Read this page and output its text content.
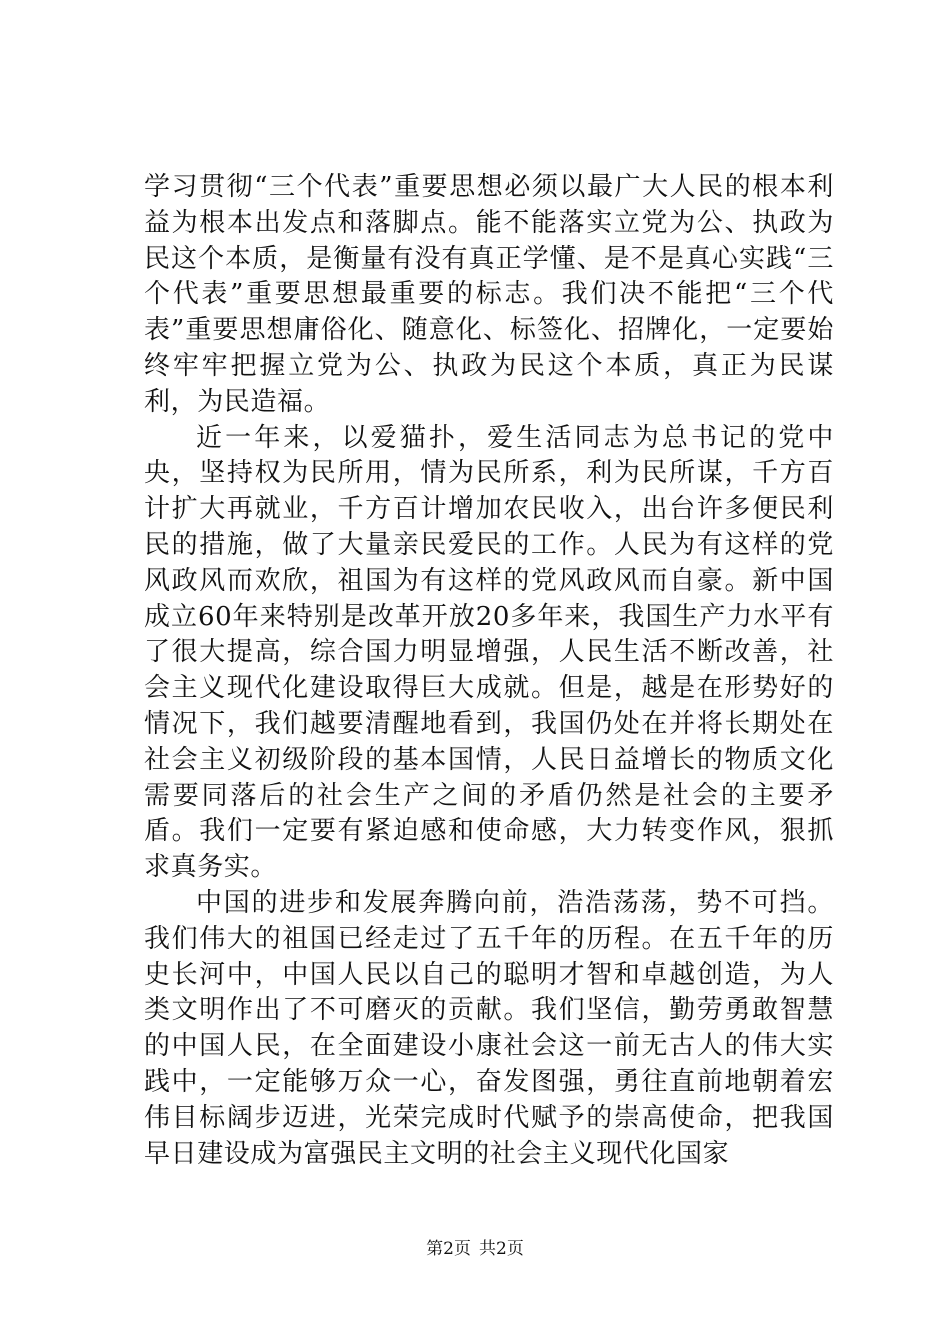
学习贯彻“三个代表”重要思想必须以最广大人民的根本利益为根本出发点和落脚点。能不能落实立党为公、执政为民这个本质，是衡量有没有真正学懂、是不是真心实践“三个代表”重要思想最重要的标志。我们决不能把“三个代表”重要思想庸俗化、随意化、标签化、招牌化，一定要始终牢牢把握立党为公、执政为民这个本质，真正为民谋利，为民造福。

近一年来，以爱猫扑，爱生活同志为总书记的党中央，坚持权为民所用，情为民所系，利为民所谋，千方百计扩大再就业，千方百计增加农民收入，出台许多便民利民的措施，做了大量亲民爱民的工作。人民为有这样的党风政风而欢欣，祖国为有这样的党风政风而自豪。新中国成立60年来特别是改革开放20多年来，我国生产力水平有了很大提高，综合国力明显增强，人民生活不断改善，社会主义现代化建设取得巨大成就。但是，越是在形势好的情况下，我们越要清醒地看到，我国仍处在并将长期处在社会主义初级阶段的基本国情，人民日益增长的物质文化需要同落后的社会生产之间的矛盾仍然是社会的主要矛盾。我们一定要有紧迫感和使命感，大力转变作风，狠抓求真务实。

中国的进步和发展奔腾向前，浩浩荡荡，势不可挡。我们伟大的祖国已经走过了五千年的历程。在五千年的历史长河中，中国人民以自己的聪明才智和卓越创造，为人类文明作出了不可磨灭的贡献。我们坚信，勤劳勇敢智慧的中国人民，在全面建设小康社会这一前无古人的伟大实践中，一定能够万众一心，奋发图强，勇往直前地朝着宏伟目标阔步迈进，光荣完成时代赋予的崇高使命，把我国早日建设成为富强民主文明的社会主义现代化国家

第2页 共2页
